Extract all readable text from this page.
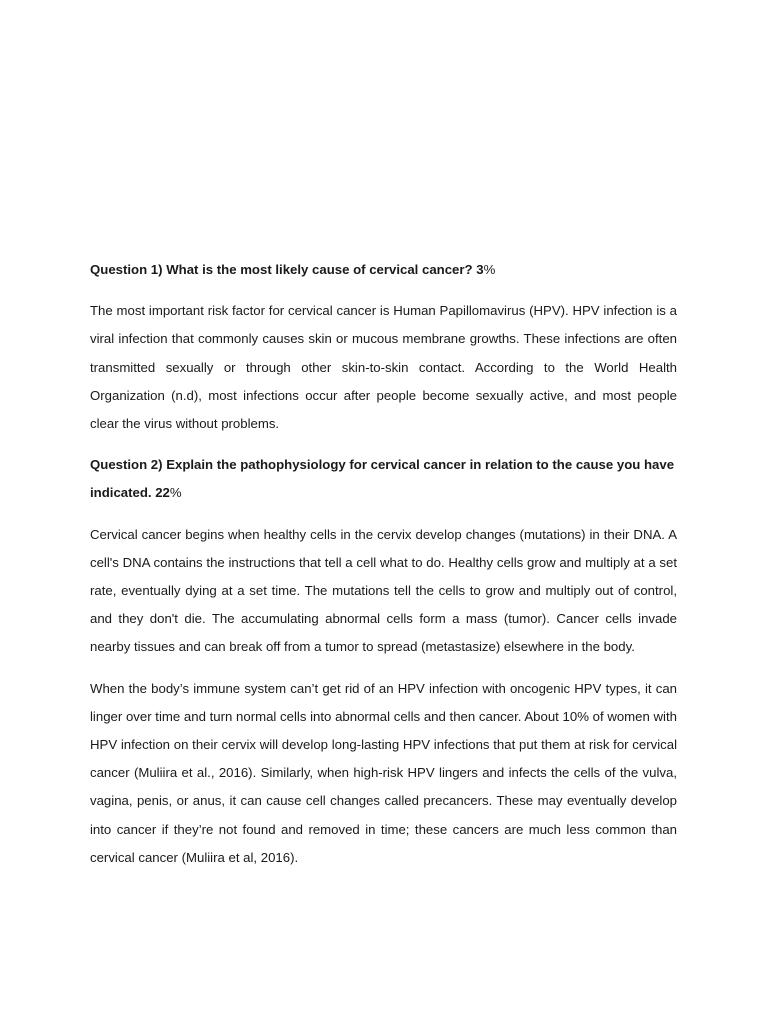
Question 1) What is the most likely cause of cervical cancer? 3%

The most important risk factor for cervical cancer is Human Papillomavirus (HPV). HPV infection is a viral infection that commonly causes skin or mucous membrane growths. These infections are often transmitted sexually or through other skin-to-skin contact. According to the World Health Organization (n.d), most infections occur after people become sexually active, and most people clear the virus without problems.

Question 2) Explain the pathophysiology for cervical cancer in relation to the cause you have indicated. 22%

Cervical cancer begins when healthy cells in the cervix develop changes (mutations) in their DNA. A cell's DNA contains the instructions that tell a cell what to do. Healthy cells grow and multiply at a set rate, eventually dying at a set time. The mutations tell the cells to grow and multiply out of control, and they don't die. The accumulating abnormal cells form a mass (tumor). Cancer cells invade nearby tissues and can break off from a tumor to spread (metastasize) elsewhere in the body.

When the body’s immune system can’t get rid of an HPV infection with oncogenic HPV types, it can linger over time and turn normal cells into abnormal cells and then cancer. About 10% of women with HPV infection on their cervix will develop long-lasting HPV infections that put them at risk for cervical cancer (Muliira et al., 2016). Similarly, when high-risk HPV lingers and infects the cells of the vulva, vagina, penis, or anus, it can cause cell changes called precancers. These may eventually develop into cancer if they’re not found and removed in time; these cancers are much less common than cervical cancer (Muliira et al, 2016).
